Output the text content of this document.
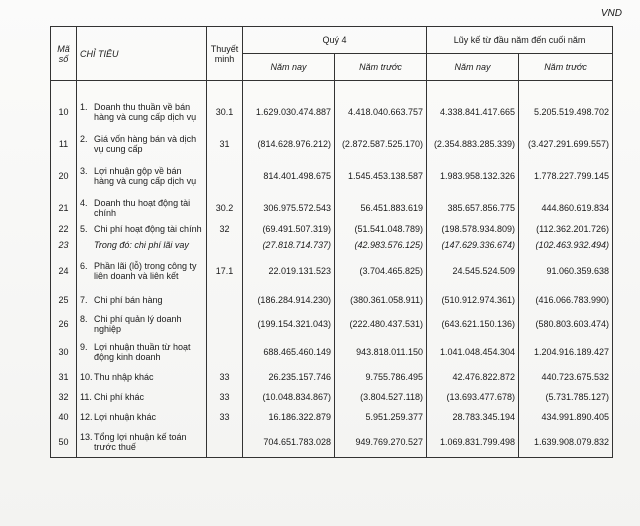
VND
Mã số	CHỈ TIÊU	Thuyết minh	Quý 4		Lũy kế từ đầu năm đến cuối năm	
			Năm nay	Năm trước	Năm nay	Năm trước

10	1. Doanh thu thuần về bán hàng và cung cấp dịch vụ	30.1	1.629.030.474.887	4.418.040.663.757	4.338.841.417.665	5.205.519.498.702
11	2. Giá vốn hàng bán và dịch vụ cung cấp	31	(814.628.976.212)	(2.872.587.525.170)	(2.354.883.285.339)	(3.427.291.699.557)
20	3. Lợi nhuận gộp về bán hàng và cung cấp dịch vụ		814.401.498.675	1.545.453.138.587	1.983.958.132.326	1.778.227.799.145
21	4. Doanh thu hoạt động tài chính	30.2	306.975.572.543	56.451.883.619	385.657.856.775	444.860.619.834
22	5. Chi phí hoạt động tài chính	32	(69.491.507.319)	(51.541.048.789)	(198.578.934.809)	(112.362.201.726)
23	Trong đó: chi phí lãi vay		(27.818.714.737)	(42.983.576.125)	(147.629.336.674)	(102.463.932.494)
24	6. Phần lãi (lỗ) trong công ty liên doanh và liên kết	17.1	22.019.131.523	(3.704.465.825)	24.545.524.509	91.060.359.638
25	7. Chi phí bán hàng		(186.284.914.230)	(380.361.058.911)	(510.912.974.361)	(416.066.783.990)
26	8. Chi phí quản lý doanh nghiệp		(199.154.321.043)	(222.480.437.531)	(643.621.150.136)	(580.803.603.474)
30	9. Lợi nhuận thuần từ hoạt động kinh doanh		688.465.460.149	943.818.011.150	1.041.048.454.304	1.204.916.189.427
31	10. Thu nhập khác	33	26.235.157.746	9.755.786.495	42.476.822.872	440.723.675.532
32	11. Chi phí khác	33	(10.048.834.867)	(3.804.527.118)	(13.693.477.678)	(5.731.785.127)
40	12. Lợi nhuận khác	33	16.186.322.879	5.951.259.377	28.783.345.194	434.991.890.405
50	13. Tổng lợi nhuận kế toán trước thuế		704.651.783.028	949.769.270.527	1.069.831.799.498	1.639.908.079.832
